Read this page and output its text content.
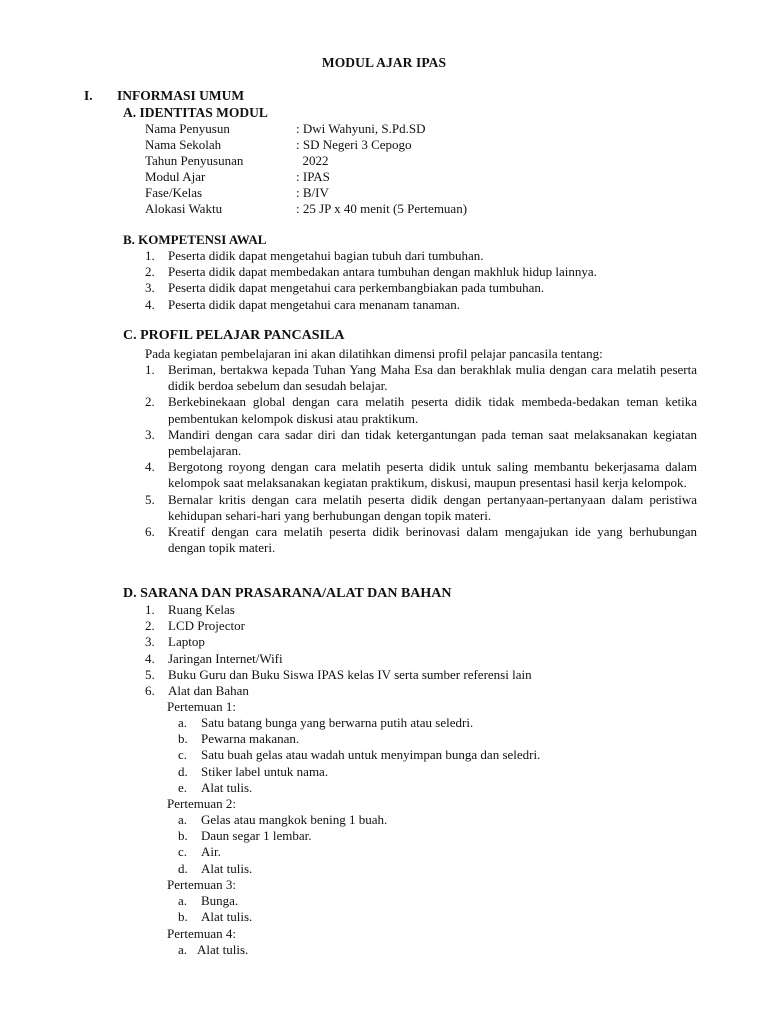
MODUL AJAR IPAS
I. INFORMASI UMUM
A. IDENTITAS MODUL
Nama Penyusun	: Dwi Wahyuni, S.Pd.SD
Nama Sekolah	: SD Negeri 3 Cepogo
Tahun Penyusunan	2022
Modul Ajar	: IPAS
Fase/Kelas	: B/IV
Alokasi Waktu	: 25 JP x 40 menit (5 Pertemuan)
B. KOMPETENSI AWAL
1. Peserta didik dapat mengetahui bagian tubuh dari tumbuhan.
2. Peserta didik dapat membedakan antara tumbuhan dengan makhluk hidup lainnya.
3. Peserta didik dapat mengetahui cara perkembangbiakan pada tumbuhan.
4. Peserta didik dapat mengetahui cara menanam tanaman.
C. PROFIL PELAJAR PANCASILA
Pada kegiatan pembelajaran ini akan dilatihkan dimensi profil pelajar pancasila tentang:
1. Beriman, bertakwa kepada Tuhan Yang Maha Esa dan berakhlak mulia dengan cara melatih peserta didik berdoa sebelum dan sesudah belajar.
2. Berkebinekaan global dengan cara melatih peserta didik tidak membeda-bedakan teman ketika pembentukan kelompok diskusi atau praktikum.
3. Mandiri dengan cara sadar diri dan tidak ketergantungan pada teman saat melaksanakan kegiatan pembelajaran.
4. Bergotong royong dengan cara melatih peserta didik untuk saling membantu bekerjasama dalam kelompok saat melaksanakan kegiatan praktikum, diskusi, maupun presentasi hasil kerja kelompok.
5. Bernalar kritis dengan cara melatih peserta didik dengan pertanyaan-pertanyaan dalam peristiwa kehidupan sehari-hari yang berhubungan dengan topik materi.
6. Kreatif dengan cara melatih peserta didik berinovasi dalam mengajukan ide yang berhubungan dengan topik materi.
D. SARANA DAN PRASARANA/ALAT DAN BAHAN
1. Ruang Kelas
2. LCD Projector
3. Laptop
4. Jaringan Internet/Wifi
5. Buku Guru dan Buku Siswa IPAS kelas IV serta sumber referensi lain
6. Alat dan Bahan
Pertemuan 1:
a. Satu batang bunga yang berwarna putih atau seledri.
b. Pewarna makanan.
c. Satu buah gelas atau wadah untuk menyimpan bunga dan seledri.
d. Stiker label untuk nama.
e. Alat tulis.
Pertemuan 2:
a. Gelas atau mangkok bening 1 buah.
b. Daun segar 1 lembar.
c. Air.
d. Alat tulis.
Pertemuan 3:
a. Bunga.
b. Alat tulis.
Pertemuan 4:
a. Alat tulis.
